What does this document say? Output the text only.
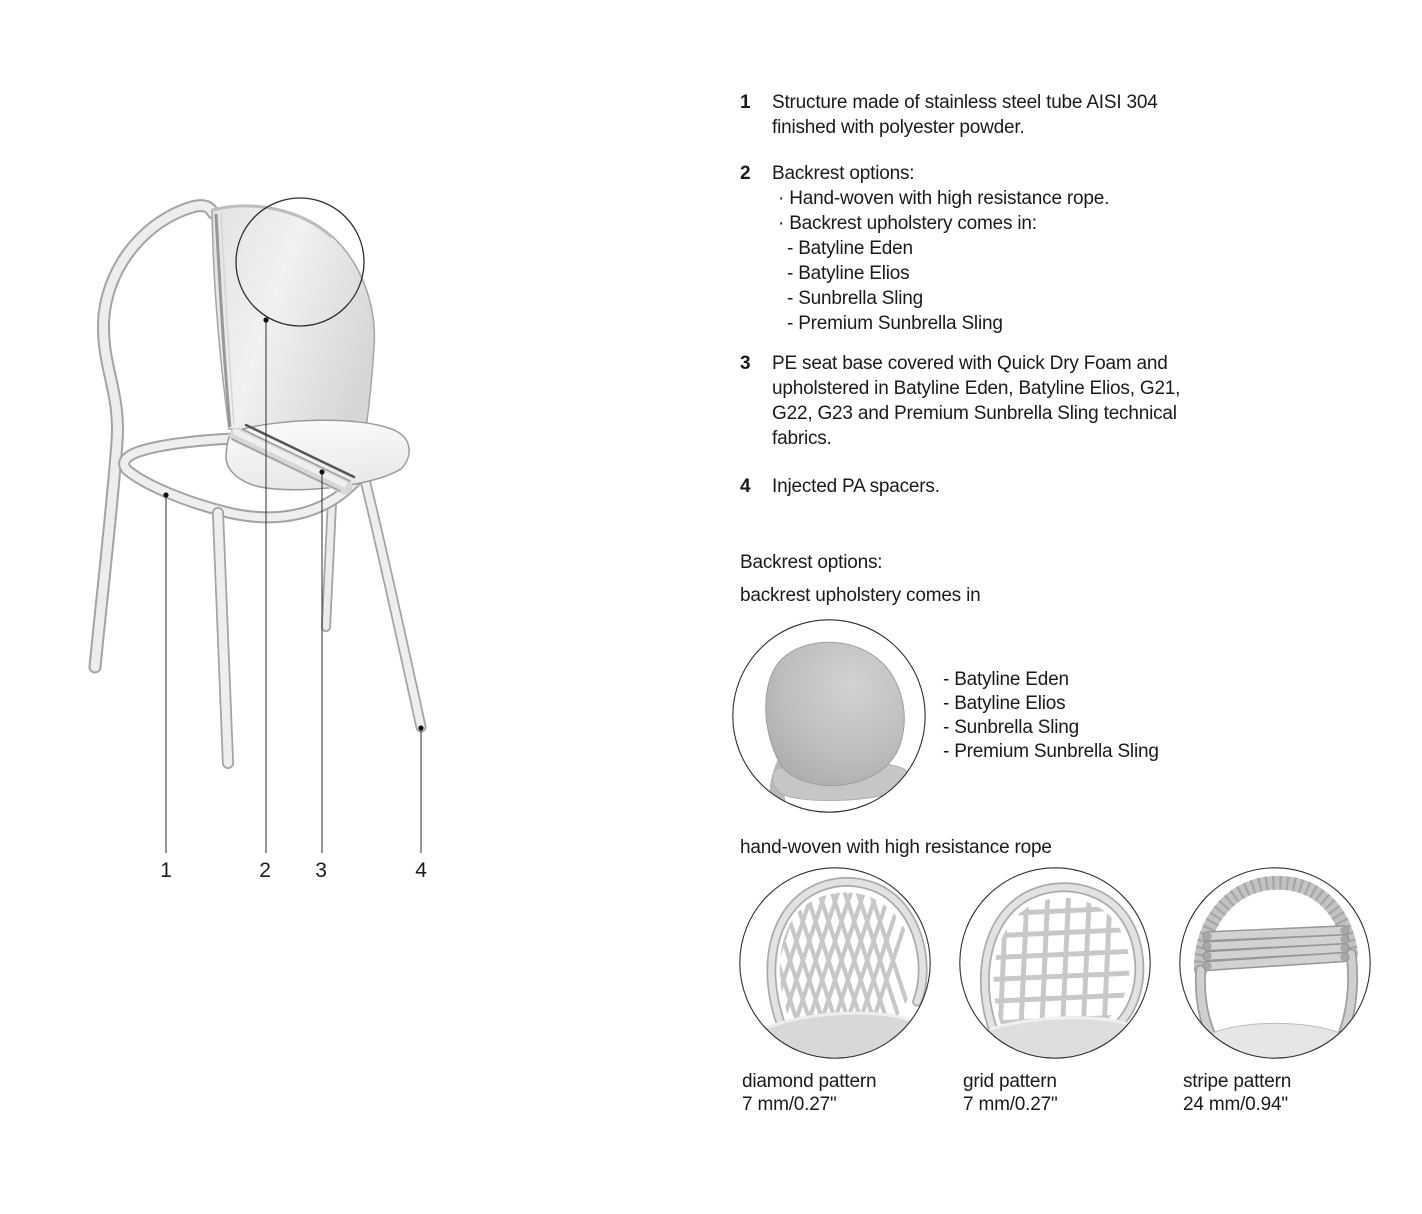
1	2 3	4
1	Structure made of stainless steel tube AISI 304
finished with polyester powder.
2	Backrest options:
· Hand-woven with high resistance rope.
· Backrest upholstery comes in:
- Batyline Eden
- Batyline Elios
- Sunbrella Sling
- Premium Sunbrella Sling
3	PE seat base covered with Quick Dry Foam and
upholstered in Batyline Eden, Batyline Elios, G21,
G22, G23 and Premium Sunbrella Sling technical
fabrics.
4	Injected PA spacers.
Backrest options:
backrest upholstery comes in
- Batyline Eden
- Batyline Elios
- Sunbrella Sling
- Premium Sunbrella Sling
hand-woven with high resistance rope
diamond pattern
7 mm/0.27"
grid pattern
7 mm/0.27"
stripe pattern
24 mm/0.94"
